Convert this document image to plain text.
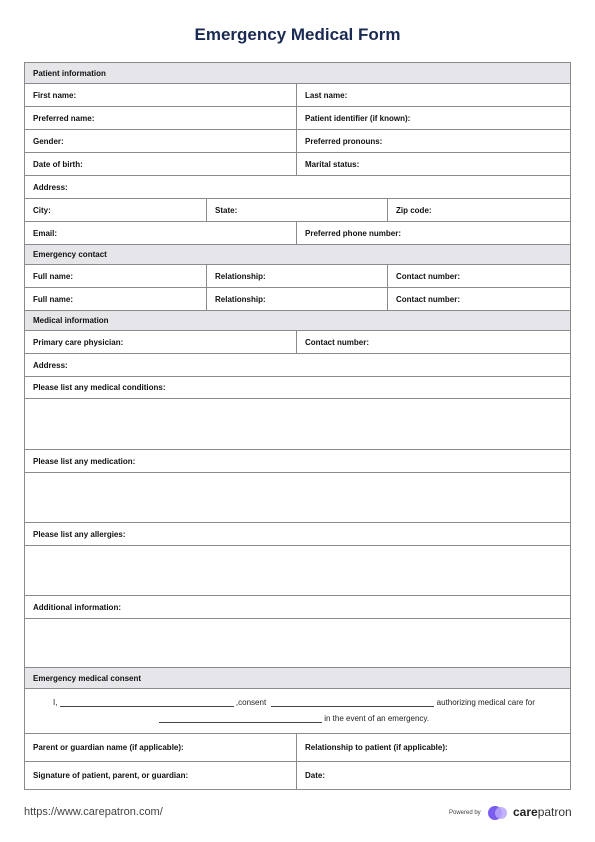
Emergency Medical Form
Patient information
First name:	Last name:
Preferred name:	Patient identifier (if known):
Gender:	Preferred pronouns:
Date of birth:	Marital status:
Address:
City:	State:	Zip code:
Email:	Preferred phone number:
Emergency contact
Full name:	Relationship:	Contact number:
Full name:	Relationship:	Contact number:
Medical information
Primary care physician:	Contact number:
Address:
Please list any medical conditions:
Please list any medication:
Please list any allergies:
Additional information:
Emergency medical consent
I,	,consent	authorizing medical care for
in the event of an emergency.
Parent or guardian name (if applicable):	Relationship to patient (if applicable):
Signature of patient, parent, or guardian:	Date:
https://www.carepatron.com/	Powered by	carepatron
